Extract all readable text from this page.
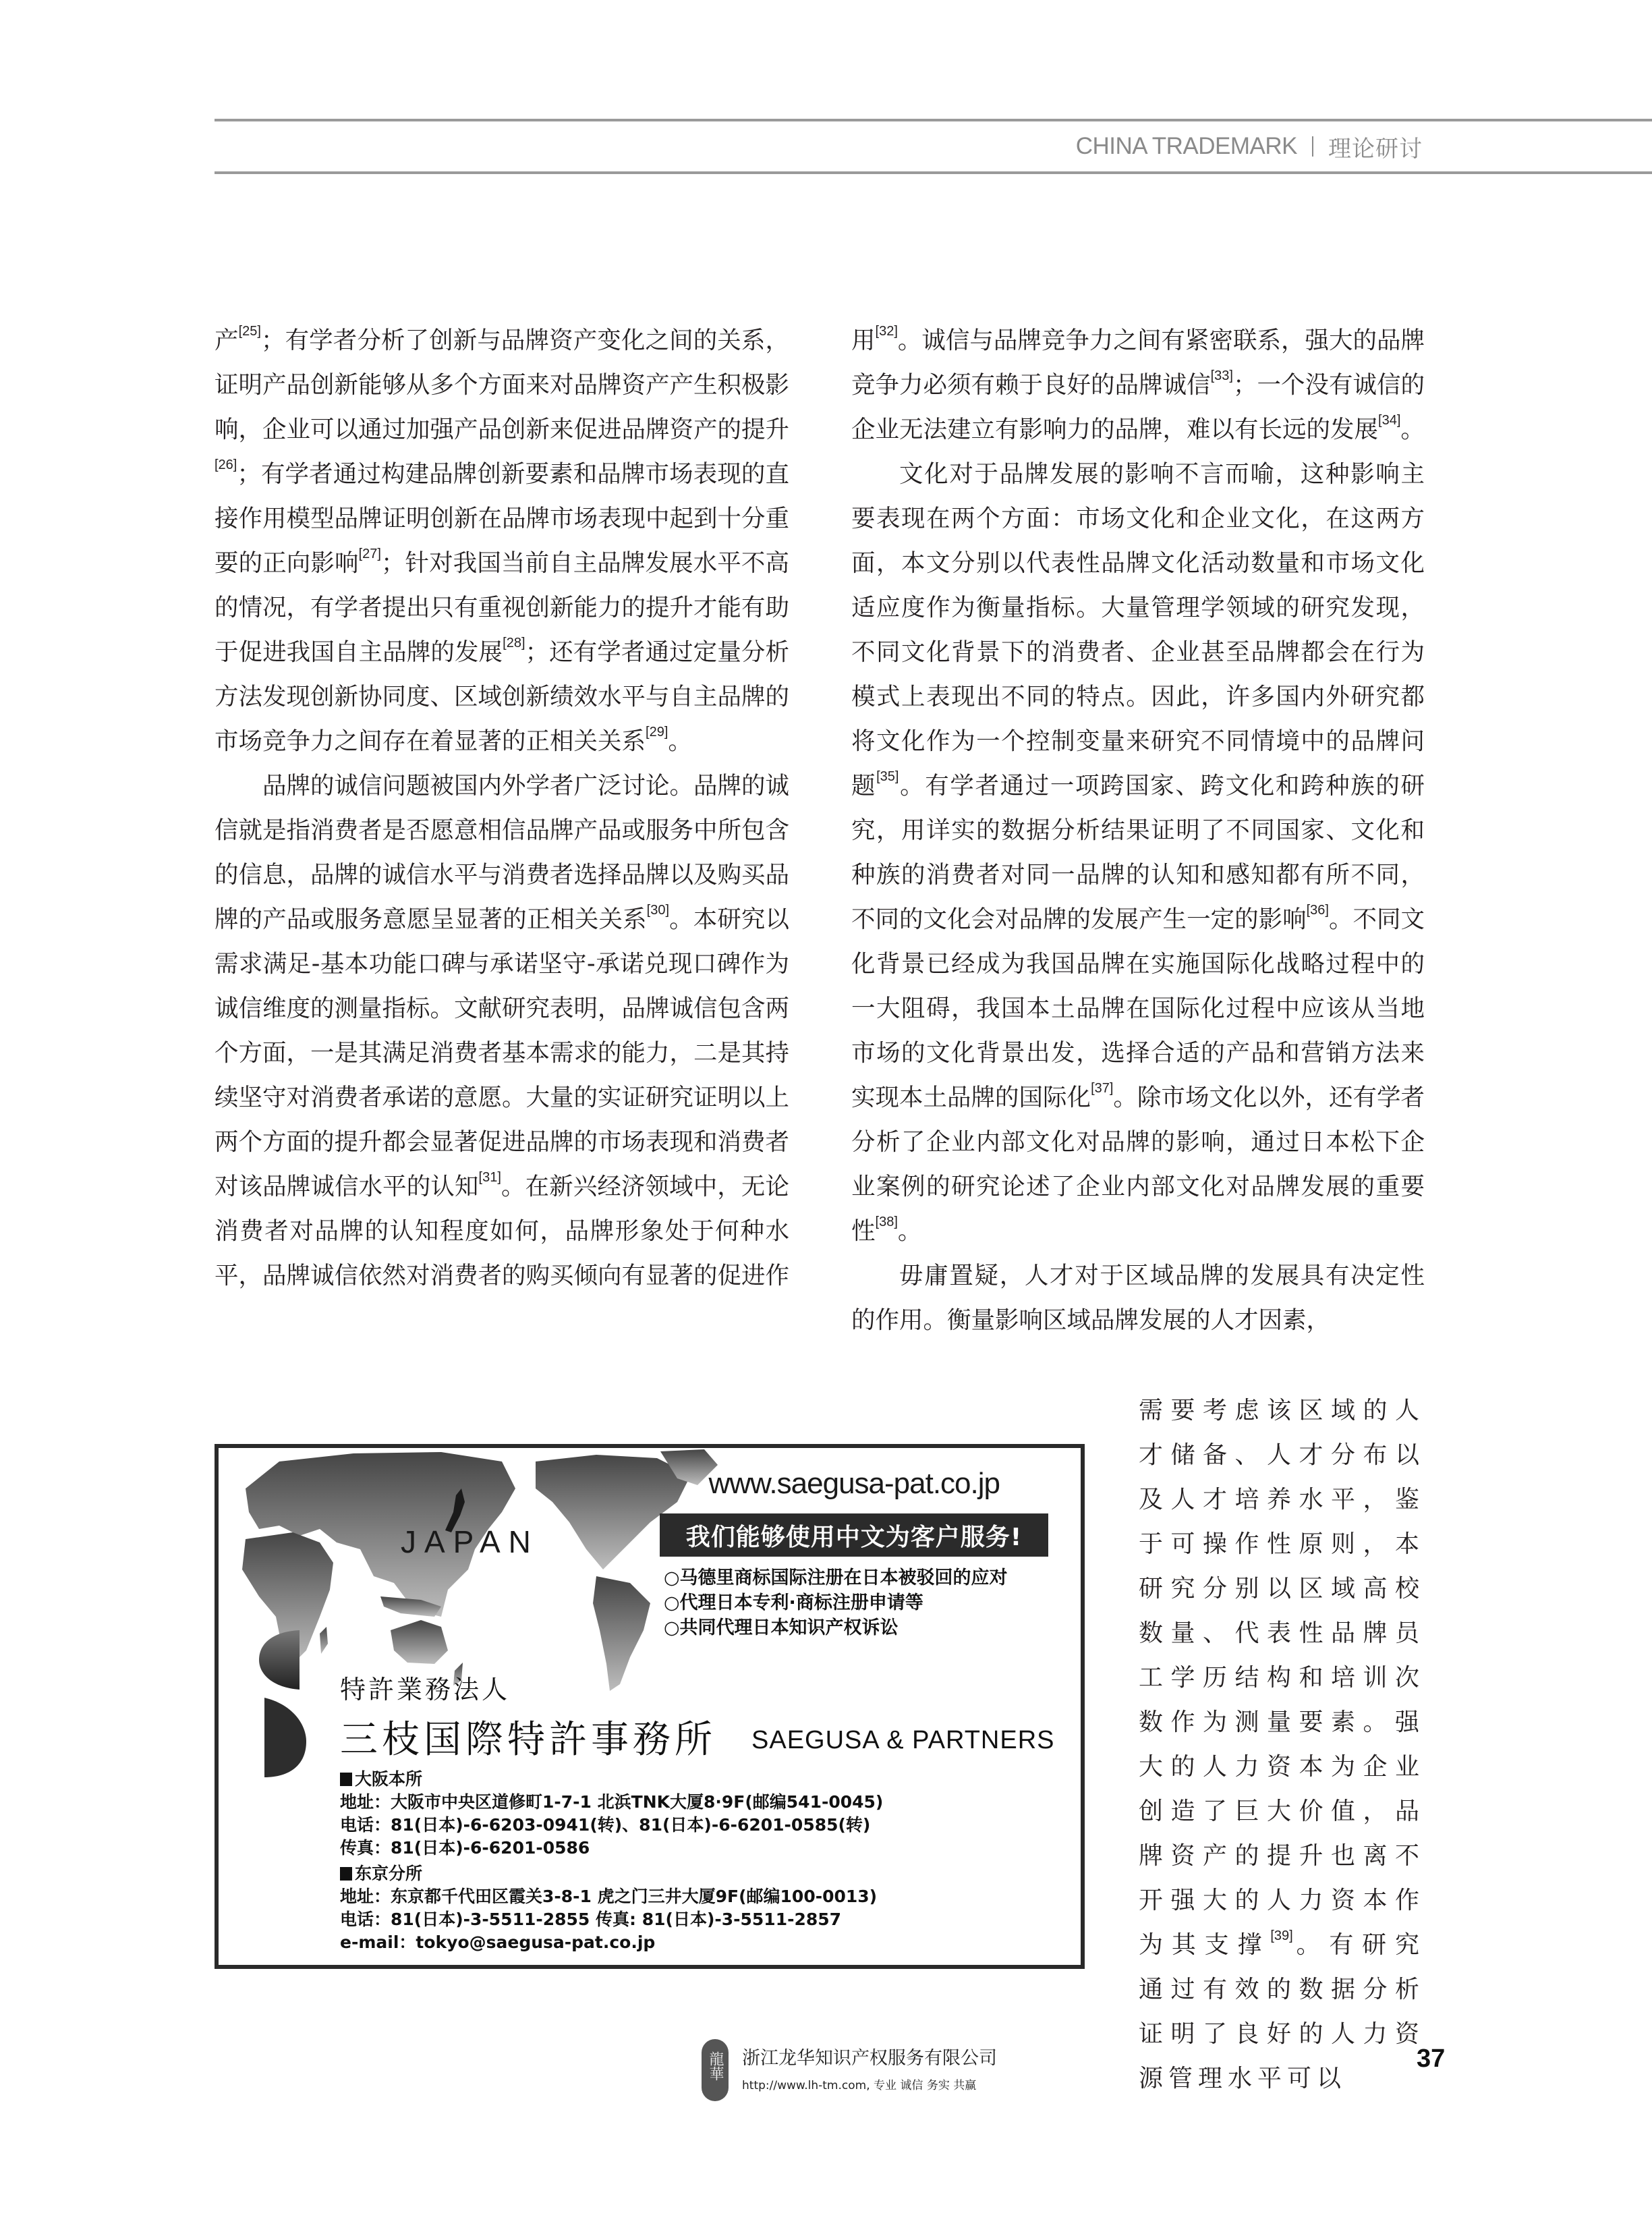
CHINA TRADEMARK 理论研讨

产[25]；有学者分析了创新与品牌资产变化之间的关系，证明产品创新能够从多个方面来对品牌资产产生积极影响，企业可以通过加强产品创新来促进品牌资产的提升[26]；有学者通过构建品牌创新要素和品牌市场表现的直接作用模型品牌证明创新在品牌市场表现中起到十分重要的正向影响[27]；针对我国当前自主品牌发展水平不高的情况，有学者提出只有重视创新能力的提升才能有助于促进我国自主品牌的发展[28]；还有学者通过定量分析方法发现创新协同度、区域创新绩效水平与自主品牌的市场竞争力之间存在着显著的正相关关系[29]。

品牌的诚信问题被国内外学者广泛讨论。品牌的诚信就是指消费者是否愿意相信品牌产品或服务中所包含的信息，品牌的诚信水平与消费者选择品牌以及购买品牌的产品或服务意愿呈显著的正相关关系[30]。本研究以需求满足-基本功能口碑与承诺坚守-承诺兑现口碑作为诚信维度的测量指标。文献研究表明，品牌诚信包含两个方面，一是其满足消费者基本需求的能力，二是其持续坚守对消费者承诺的意愿。大量的实证研究证明以上两个方面的提升都会显著促进品牌的市场表现和消费者对该品牌诚信水平的认知[31]。在新兴经济领域中，无论消费者对品牌的认知程度如何，品牌形象处于何种水平，品牌诚信依然对消费者的购买倾向有显著的促进作

用[32]。诚信与品牌竞争力之间有紧密联系，强大的品牌竞争力必须有赖于良好的品牌诚信[33]；一个没有诚信的企业无法建立有影响力的品牌，难以有长远的发展[34]。

文化对于品牌发展的影响不言而喻，这种影响主要表现在两个方面：市场文化和企业文化，在这两方面，本文分别以代表性品牌文化活动数量和市场文化适应度作为衡量指标。大量管理学领域的研究发现，不同文化背景下的消费者、企业甚至品牌都会在行为模式上表现出不同的特点。因此，许多国内外研究都将文化作为一个控制变量来研究不同情境中的品牌问题[35]。有学者通过一项跨国家、跨文化和跨种族的研究，用详实的数据分析结果证明了不同国家、文化和种族的消费者对同一品牌的认知和感知都有所不同，不同的文化会对品牌的发展产生一定的影响[36]。不同文化背景已经成为我国品牌在实施国际化战略过程中的一大阻碍，我国本土品牌在国际化过程中应该从当地市场的文化背景出发，选择合适的产品和营销方法来实现本土品牌的国际化[37]。除市场文化以外，还有学者分析了企业内部文化对品牌的影响，通过日本松下企业案例的研究论述了企业内部文化对品牌发展的重要性[38]。

毋庸置疑，人才对于区域品牌的发展具有决定性的作用。衡量影响区域品牌发展的人才因素，

需要考虑该区域的人才储备、人才分布以及人才培养水平，鉴于可操作性原则，本研究分别以区域高校数量、代表性品牌员工学历结构和培训次数作为测量要素。强大的人力资本为企业创造了巨大价值，品牌资产的提升也离不开强大的人力资本作为其支撑[39]。有研究通过有效的数据分析证明了良好的人力资源管理水平可以

JAPAN
www.saegusa-pat.co.jp
我们能够使用中文为客户服务!
○马德里商标国际注册在日本被驳回的应对
○代理日本专利·商标注册申请等
○共同代理日本知识产权诉讼
特許業務法人
三枝国際特許事務所 SAEGUSA & PARTNERS
大阪本所
地址：大阪市中央区道修町1-7-1 北浜TNK大厦8·9F(邮编541-0045)
电话：81(日本)-6-6203-0941(转)、81(日本)-6-6201-0585(转)
传真：81(日本)-6-6201-0586
东京分所
地址：东京都千代田区霞关3-8-1 虎之门三井大厦9F(邮编100-0013)
电话：81(日本)-3-5511-2855 传真: 81(日本)-3-5511-2857
e-mail：tokyo@saegusa-pat.co.jp
龍華 浙江龙华知识产权服务有限公司
http://www.lh-tm.com, 专业 诚信 务实 共赢
37
